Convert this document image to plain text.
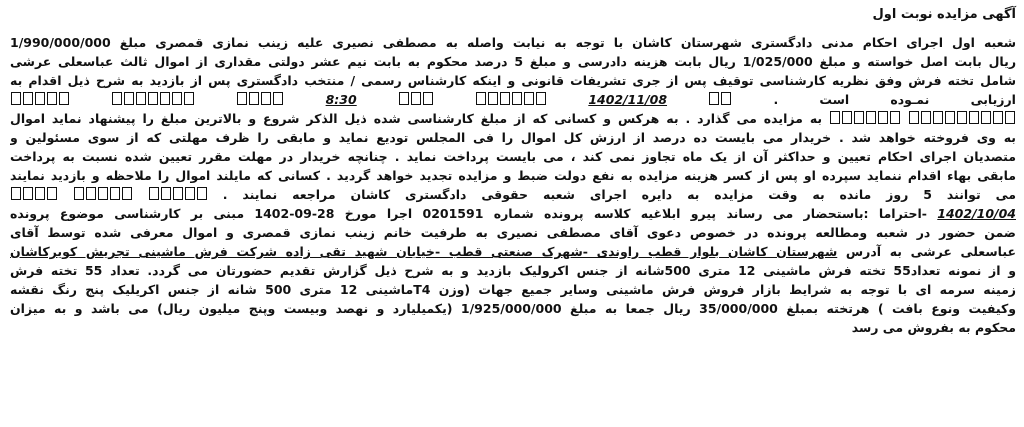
آگهی مزایده نوبت اول
شعبه اول اجرای احکام مدنی دادگستری شهرستان کاشان با توجه به نیابت واصله به مصطفی نصیری علیه زینب نمازی قمصری مبلغ 1/990/000/000
ریال بابت اصل خواسته و مبلغ 1/025/000 ریال بابت هزینه دادرسی و مبلغ 5 درصد محکوم به بابت نیم عشر دولتی مقداری از اموال ثالث عباسعلی عرشی
شامل تخته فرش وفق نظریه کارشناسی توقیف پس از جری تشریفات قانونی و اینکه کارشناس رسمی / منتخب دادگستری پس از بازدید به شرح ذیل اقدام به
ارزیابی نمـوده است .  1402/11/08   8:30
به مزایده می گذارد . به هرکس و کسانی که از مبلغ کارشناسی شده ذیل الذکر شروع و بالاترین مبلغ را پیشنهاد نماید اموال
به وی فروخته خواهد شد . خریدار می بایست ده درصد از ارزش کل اموال را فی المجلس تودیع نماید و مابقی را ظرف مهلتی که از سوی مسئولین و
متصدیان اجرای احکام تعیین و حداکثر آن از یک ماه تجاوز نمی کند ، می بایست پرداخت نماید . چنانچه خریدار در مهلت مقرر تعیین شده نسبت به پرداخت
مابقی بهاء اقدام ننماید سپرده او پس از کسر هزینه مزایده به نفع دولت ضبط و مزایده تجدید خواهد گردید . کسانی که مایلند اموال را ملاحظه و بازدید نمایند
می توانند 5 روز مانده به وقت مزایده به دایره اجرای شعبه حقوقی دادگستری کاشان مراجعه نمایند .
1402/10/04 -احتراما :باستحضار می رساند پیرو ابلاغیه کلاسه پرونده شماره 0201591 اجرا مورخ 28-09-1402 مبنی بر کارشناسی موضوع پرونده
ضمن حضور در شعبه ومطالعه پرونده در خصوص دعوی آقای مصطفی نصیری به طرفیت خانم زینب نمازی قمصری و اموال معرفی شده توسط آقای
عباسعلی عرشی به آدرس شهرستان کاشان بلوار قطب راوندی -شهرک صنعتی قطب -خیابان شهید تقی زاده شرکت فرش ماشینی تجریش کویرکاشان
و از نمونه تعداد55 تخته فرش ماشینی 12 متری 500شانه از جنس اکرولیک بازدید و به شرح ذیل گزارش تقدیم حضورتان می گردد. تعداد 55 تخته فرش
زمینه سرمه ای با توجه به شرایط بازار فروش فرش ماشینی وسایر جمیع جهات (وزن T4ماشینی 12 متری 500 شانه از جنس اکریلیک پنج رنگ نقشه
وکیفیت ونوع بافت ) هرتخته بمبلغ 35/000/000 ریال جمعا به مبلغ 1/925/000/000 (یکمیلیارد و نهصد وبیست وپنج میلیون ریال) می باشد و به میزان
محکوم به بفروش می رسد
